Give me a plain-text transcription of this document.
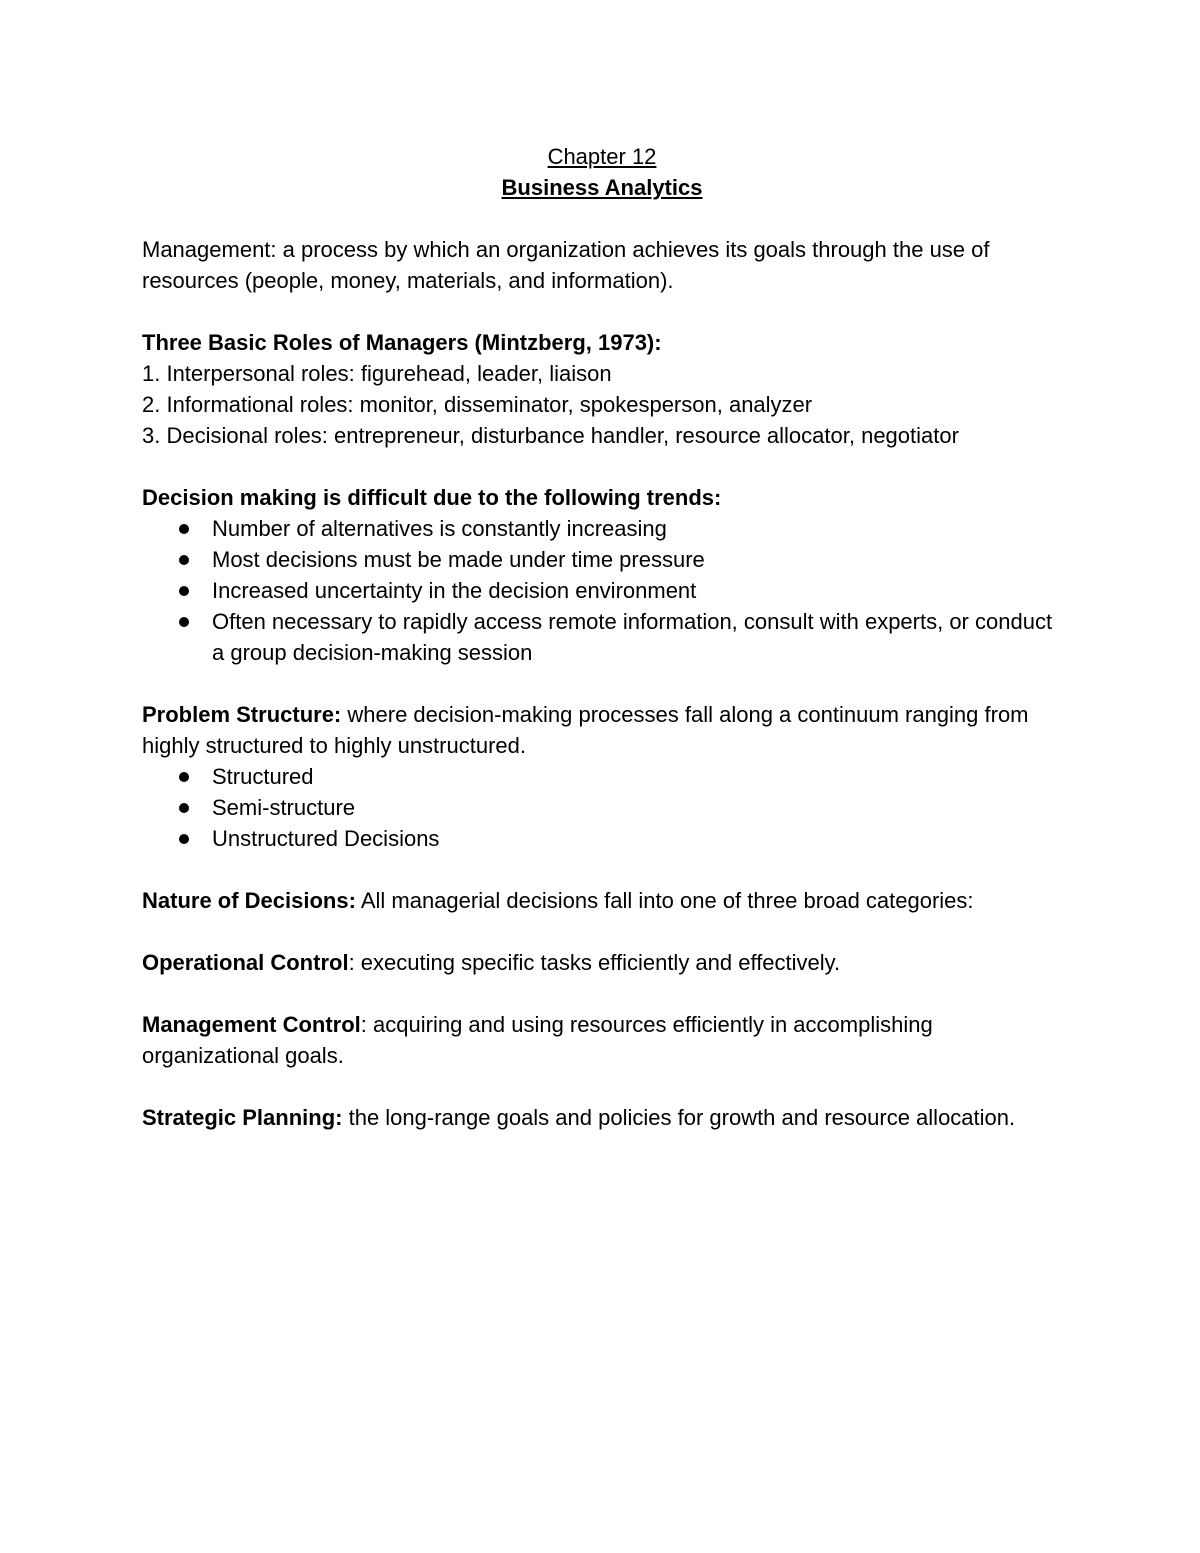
Chapter 12

Business Analytics

Management: a process by which an organization achieves its goals through the use of resources (people, money, materials, and information).

Three Basic Roles of Managers (Mintzberg, 1973):

1. Interpersonal roles: figurehead, leader, liaison

2. Informational roles: monitor, disseminator, spokesperson, analyzer

3. Decisional roles: entrepreneur, disturbance handler, resource allocator, negotiator

Decision making is difficult due to the following trends:

Number of alternatives is constantly increasing
Most decisions must be made under time pressure
Increased uncertainty in the decision environment
Often necessary to rapidly access remote information, consult with experts, or conduct a group decision-making session

Problem Structure: where decision-making processes fall along a continuum ranging from highly structured to highly unstructured.

Structured
Semi-structure
Unstructured Decisions

Nature of Decisions: All managerial decisions fall into one of three broad categories:

Operational Control: executing specific tasks efficiently and effectively.

Management Control: acquiring and using resources efficiently in accomplishing organizational goals.

Strategic Planning: the long-range goals and policies for growth and resource allocation.
